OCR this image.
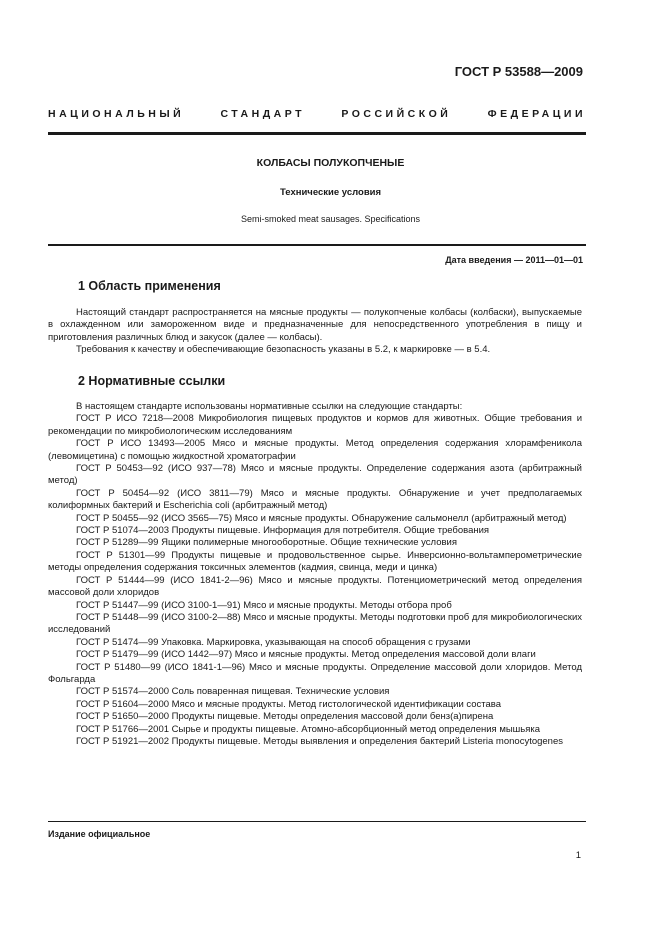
ГОСТ Р 53588—2009
НАЦИОНАЛЬНЫЙ СТАНДАРТ РОССИЙСКОЙ ФЕДЕРАЦИИ
КОЛБАСЫ ПОЛУКОПЧЕНЫЕ
Технические условия
Semi-smoked meat sausages. Specifications
Дата введения — 2011—01—01
1 Область применения

Настоящий стандарт распространяется на мясные продукты — полукопченые колбасы (колбаски), выпускаемые в охлажденном или замороженном виде и предназначенные для непосредственного употребления в пищу и приготовления различных блюд и закусок (далее — колбасы).

Требования к качеству и обеспечивающие безопасность указаны в 5.2, к маркировке — в 5.4.

2 Нормативные ссылки

В настоящем стандарте использованы нормативные ссылки на следующие стандарты:

ГОСТ Р ИСО 7218—2008 Микробиология пищевых продуктов и кормов для животных. Общие требования и рекомендации по микробиологическим исследованиям

ГОСТ Р ИСО 13493—2005 Мясо и мясные продукты. Метод определения содержания хлорамфеникола (левомицетина) с помощью жидкостной хроматографии

ГОСТ Р 50453—92 (ИСО 937—78) Мясо и мясные продукты. Определение содержания азота (арбитражный метод)

ГОСТ Р 50454—92 (ИСО 3811—79) Мясо и мясные продукты. Обнаружение и учет предполагаемых колиформных бактерий и Escherichia coli (арбитражный метод)

ГОСТ Р 50455—92 (ИСО 3565—75) Мясо и мясные продукты. Обнаружение сальмонелл (арбитражный метод)

ГОСТ Р 51074—2003 Продукты пищевые. Информация для потребителя. Общие требования

ГОСТ Р 51289—99 Ящики полимерные многооборотные. Общие технические условия

ГОСТ Р 51301—99 Продукты пищевые и продовольственное сырье. Инверсионно-вольтамперометрические методы определения содержания токсичных элементов (кадмия, свинца, меди и цинка)

ГОСТ Р 51444—99 (ИСО 1841-2—96) Мясо и мясные продукты. Потенциометрический метод определения массовой доли хлоридов

ГОСТ Р 51447—99 (ИСО 3100-1—91) Мясо и мясные продукты. Методы отбора проб

ГОСТ Р 51448—99 (ИСО 3100-2—88) Мясо и мясные продукты. Методы подготовки проб для микробиологических исследований

ГОСТ Р 51474—99 Упаковка. Маркировка, указывающая на способ обращения с грузами

ГОСТ Р 51479—99 (ИСО 1442—97) Мясо и мясные продукты. Метод определения массовой доли влаги

ГОСТ Р 51480—99 (ИСО 1841-1—96) Мясо и мясные продукты. Определение массовой доли хлоридов. Метод Фольгарда

ГОСТ Р 51574—2000 Соль поваренная пищевая. Технические условия

ГОСТ Р 51604—2000 Мясо и мясные продукты. Метод гистологической идентификации состава

ГОСТ Р 51650—2000 Продукты пищевые. Методы определения массовой доли бенз(а)пирена

ГОСТ Р 51766—2001 Сырье и продукты пищевые. Атомно-абсорбционный метод определения мышьяка

ГОСТ Р 51921—2002 Продукты пищевые. Методы выявления и определения бактерий Listeria monocytogenes

Издание официальное
1
